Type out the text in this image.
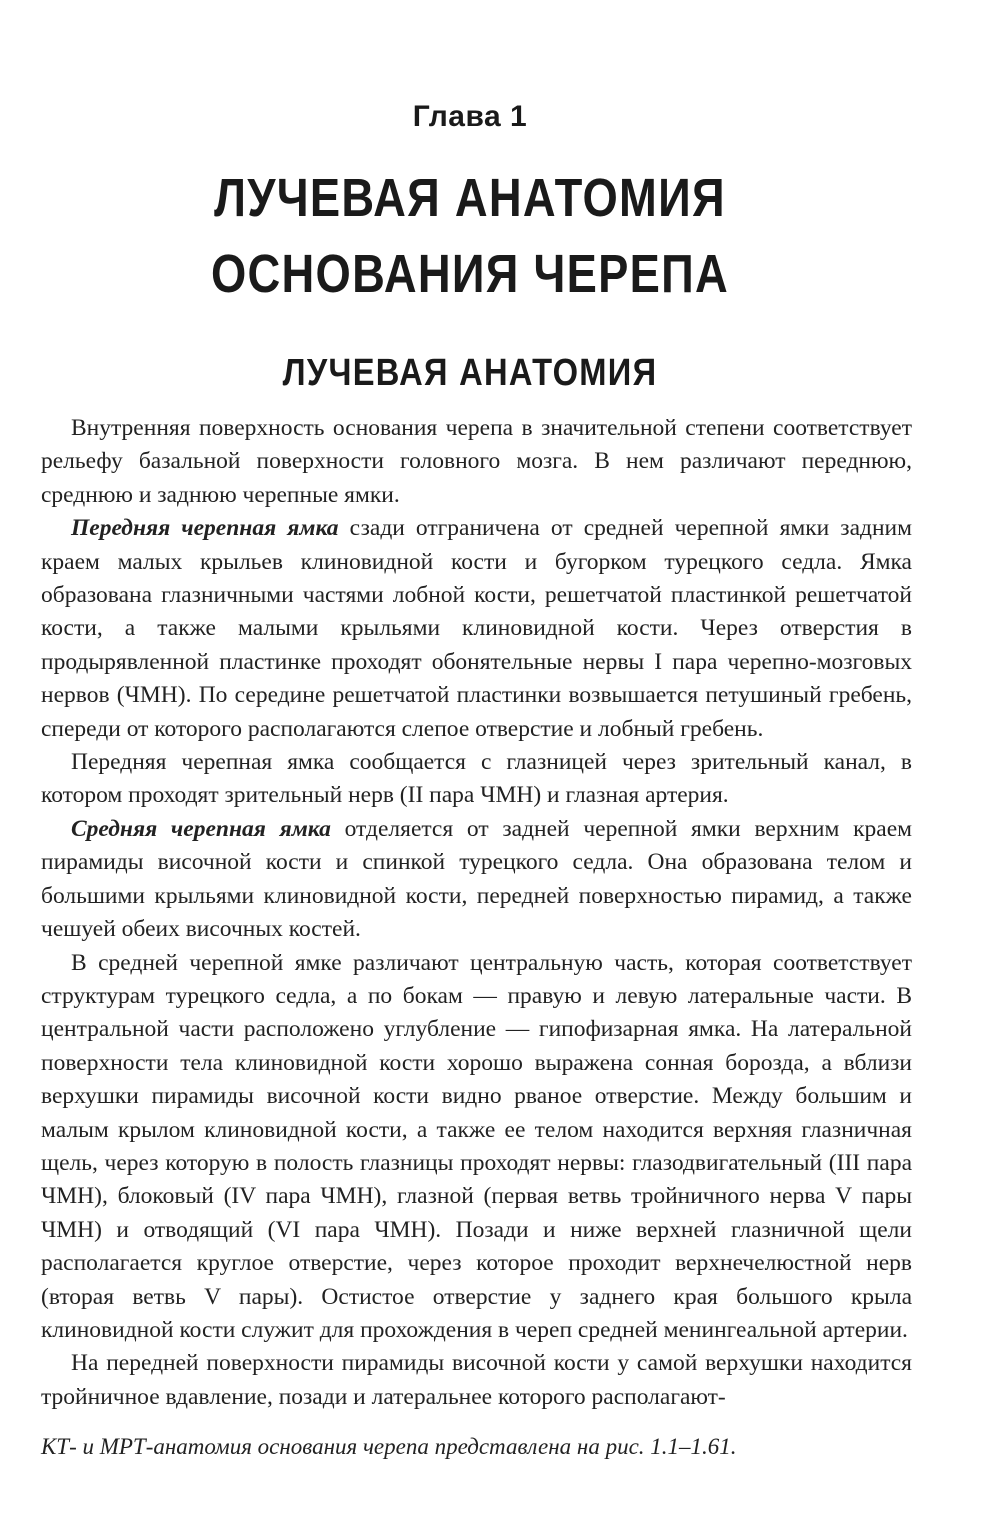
Глава 1
ЛУЧЕВАЯ АНАТОМИЯ
ОСНОВАНИЯ ЧЕРЕПА
ЛУЧЕВАЯ АНАТОМИЯ

Внутренняя поверхность основания черепа в значительной степени соответствует рельефу базальной поверхности головного мозга. В нем различают переднюю, среднюю и заднюю черепные ямки.

Передняя черепная ямка сзади отграничена от средней черепной ямки задним краем малых крыльев клиновидной кости и бугорком турецкого седла. Ямка образована глазничными частями лобной кости, решетчатой пластинкой решетчатой кости, а также малыми крыльями клиновидной кости. Через отверстия в продырявленной пластинке проходят обонятельные нервы I пара черепно-мозговых нервов (ЧМН). По середине решетчатой пластинки возвышается петушиный гребень, спереди от которого располагаются слепое отверстие и лобный гребень.

Передняя черепная ямка сообщается с глазницей через зрительный канал, в котором проходят зрительный нерв (II пара ЧМН) и глазная артерия.

Средняя черепная ямка отделяется от задней черепной ямки верхним краем пирамиды височной кости и спинкой турецкого седла. Она образована телом и большими крыльями клиновидной кости, передней поверхностью пирамид, а также чешуей обеих височных костей.

В средней черепной ямке различают центральную часть, которая соответствует структурам турецкого седла, а по бокам — правую и левую латеральные части. В центральной части расположено углубление — гипофизарная ямка. На латеральной поверхности тела клиновидной кости хорошо выражена сонная борозда, а вблизи верхушки пирамиды височной кости видно рваное отверстие. Между большим и малым крылом клиновидной кости, а также ее телом находится верхняя глазничная щель, через которую в полость глазницы проходят нервы: глазодвигательный (III пара ЧМН), блоковый (IV пара ЧМН), глазной (первая ветвь тройничного нерва V пары ЧМН) и отводящий (VI пара ЧМН). Позади и ниже верхней глазничной щели располагается круглое отверстие, через которое проходит верхнечелюстной нерв (вторая ветвь V пары). Остистое отверстие у заднего края большого крыла клиновидной кости служит для прохождения в череп средней менингеальной артерии.

На передней поверхности пирамиды височной кости у самой верхушки находится тройничное вдавление, позади и латеральнее которого располагают-

КТ- и МРТ-анатомия основания черепа представлена на рис. 1.1–1.61.
